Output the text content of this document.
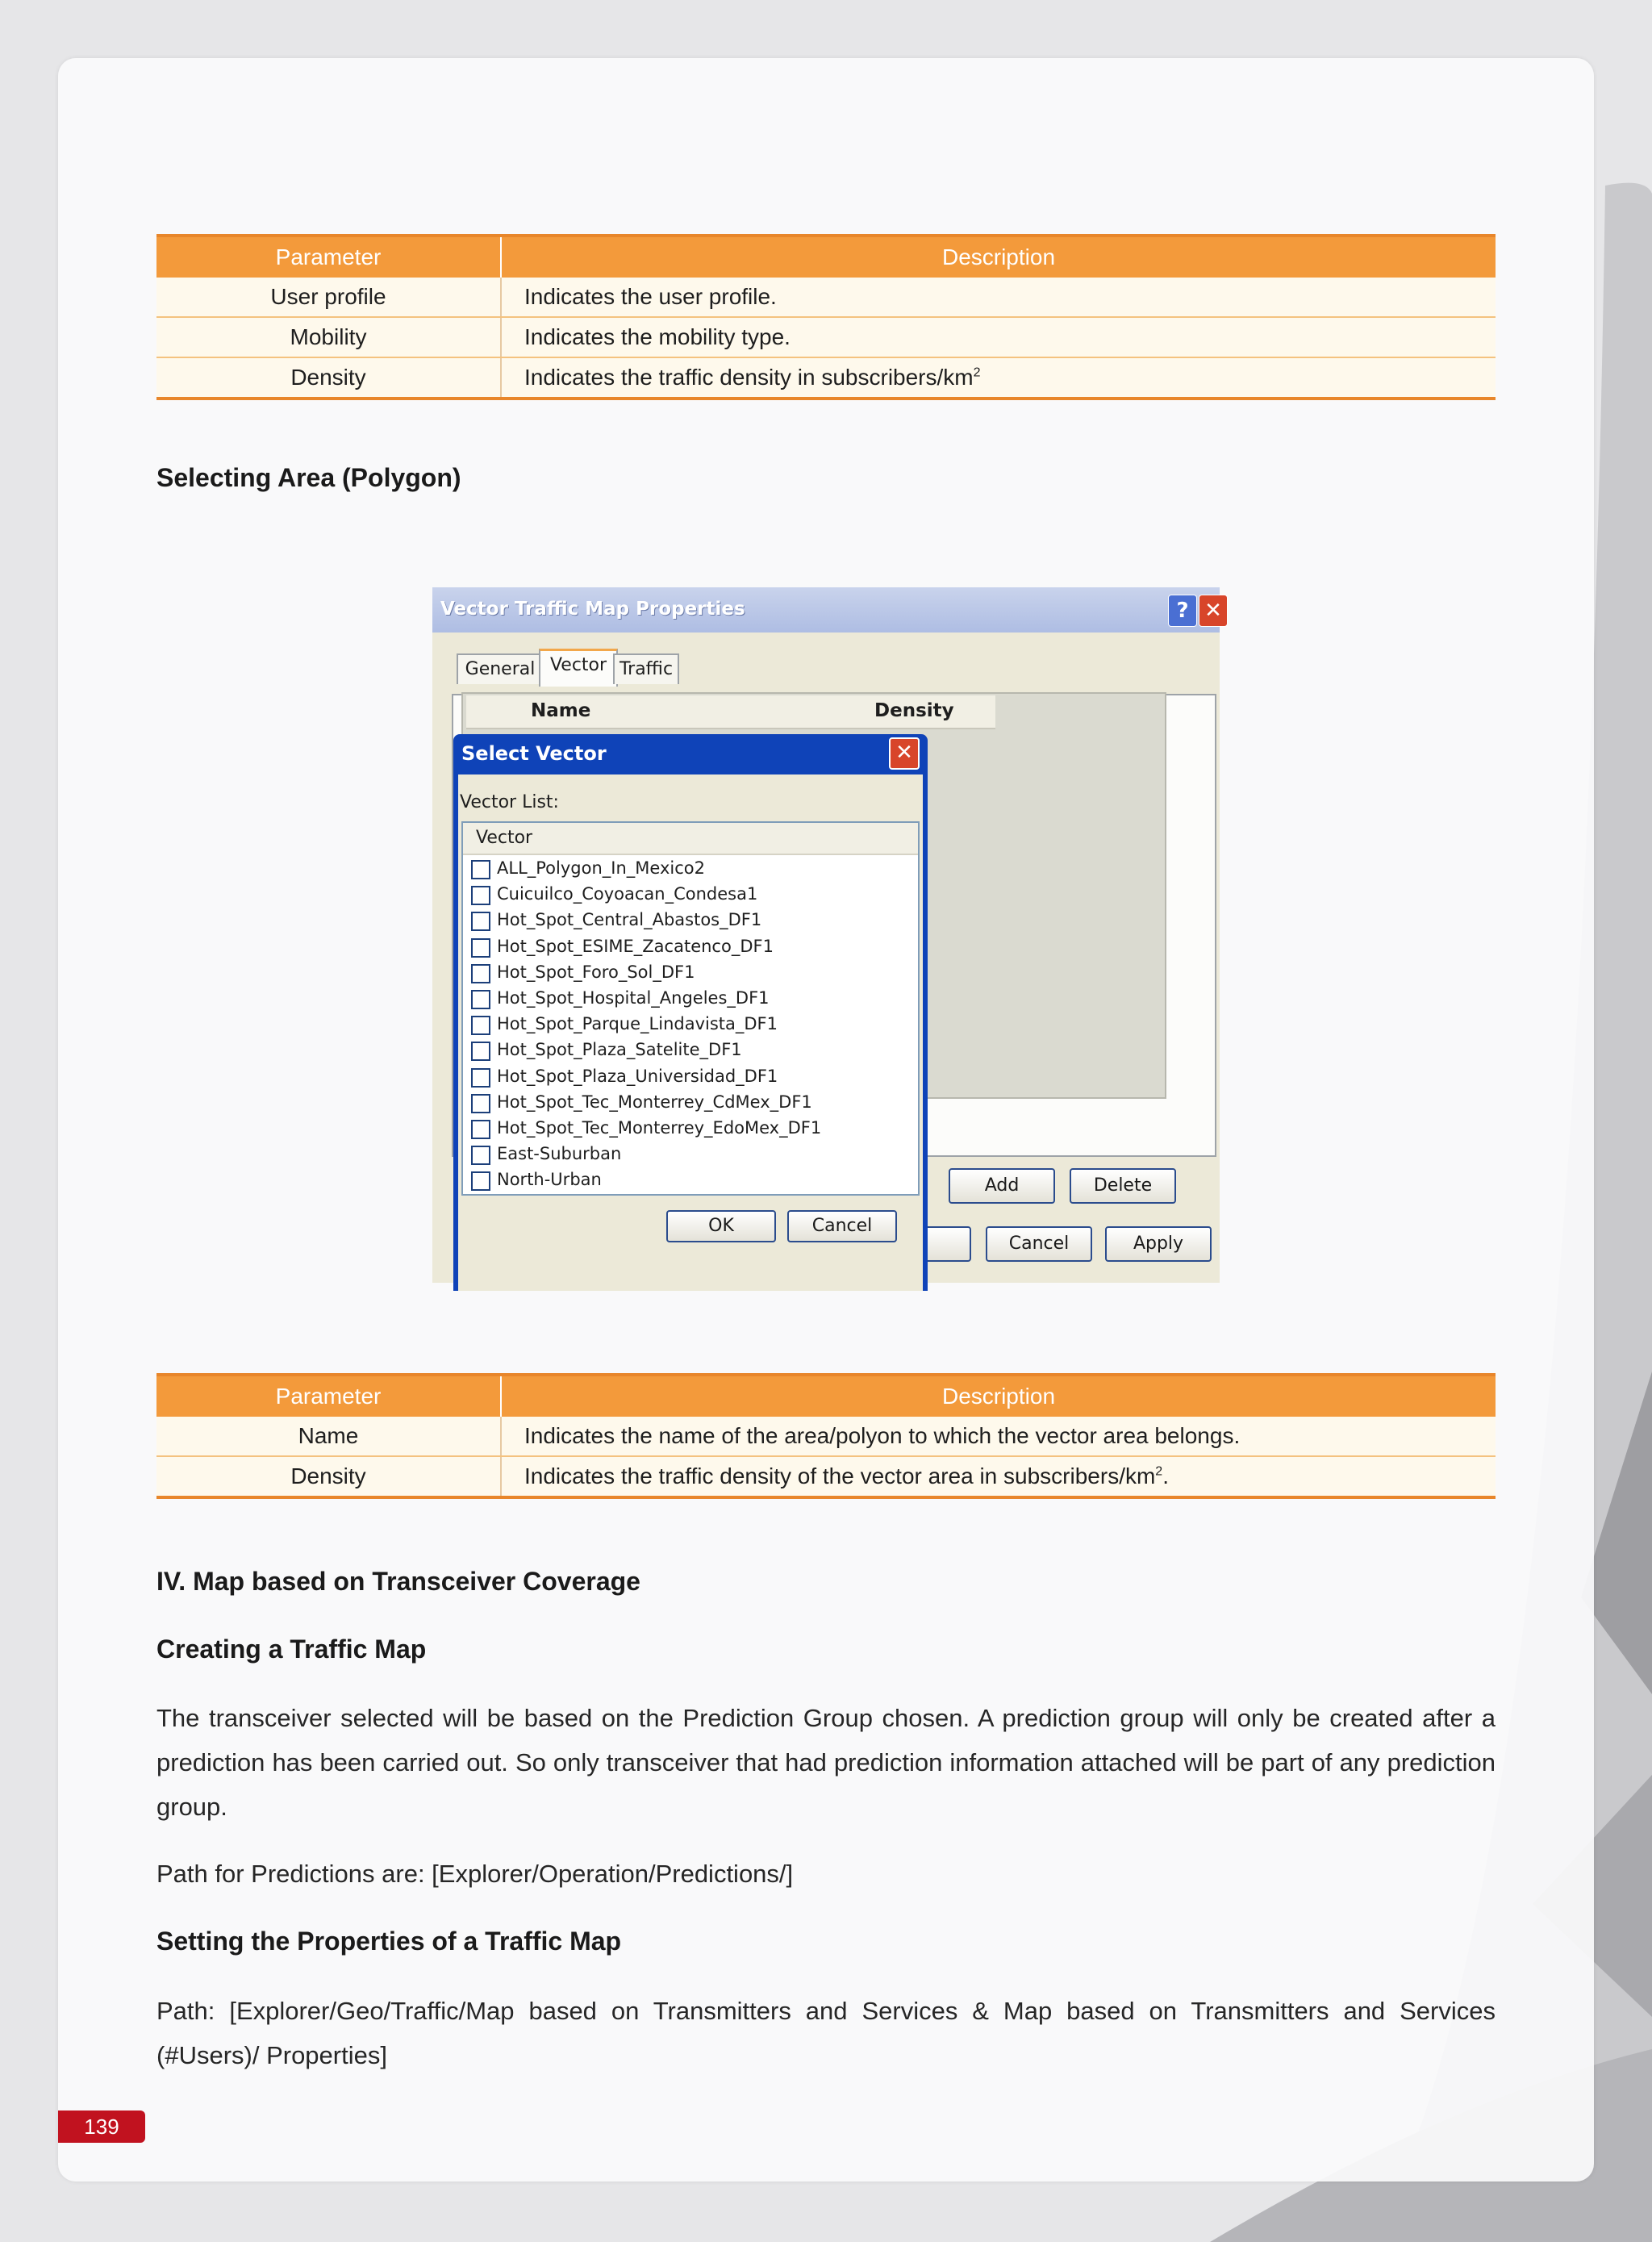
Parameter	Description
User profile	Indicates the user profile.
Mobility	Indicates the mobility type.
Density	Indicates the traffic density in subscribers/$km^2$
Selecting Area (Polygon)
Vector Traffic Map Properties	? ✕
General Vector Traffic
Name	Density
Add	Delete
Cancel	Apply
Select Vector	✕
Vector List:
Vector
ALL_Polygon_In_Mexico2
Cuicuilco_Coyoacan_Condesa1
Hot_Spot_Central_Abastos_DF1
Hot_Spot_ESIME_Zacatenco_DF1
Hot_Spot_Foro_Sol_DF1
Hot_Spot_Hospital_Angeles_DF1
Hot_Spot_Parque_Lindavista_DF1
Hot_Spot_Plaza_Satelite_DF1
Hot_Spot_Plaza_Universidad_DF1
Hot_Spot_Tec_Monterrey_CdMex_DF1
Hot_Spot_Tec_Monterrey_EdoMex_DF1
East-Suburban
North-Urban
OK	Cancel
Parameter	Description
Name	Indicates the name of the area/polyon to which the vector area belongs.
Density	Indicates the traffic density of the vector area in subscribers/$km^2$.
IV. Map based on Transceiver Coverage
Creating a Traffic Map
The transceiver selected will be based on the Prediction Group chosen. A prediction group will only be created after a prediction has been carried out. So only transceiver that had prediction information attached will be part of any prediction group.
Path for Predictions are: [Explorer/Operation/Predictions/]
Setting the Properties of a Traffic Map
Path: [Explorer/Geo/Traffic/Map based on Transmitters and Services & Map based on Transmitters and Services (#Users)/ Properties]
139
